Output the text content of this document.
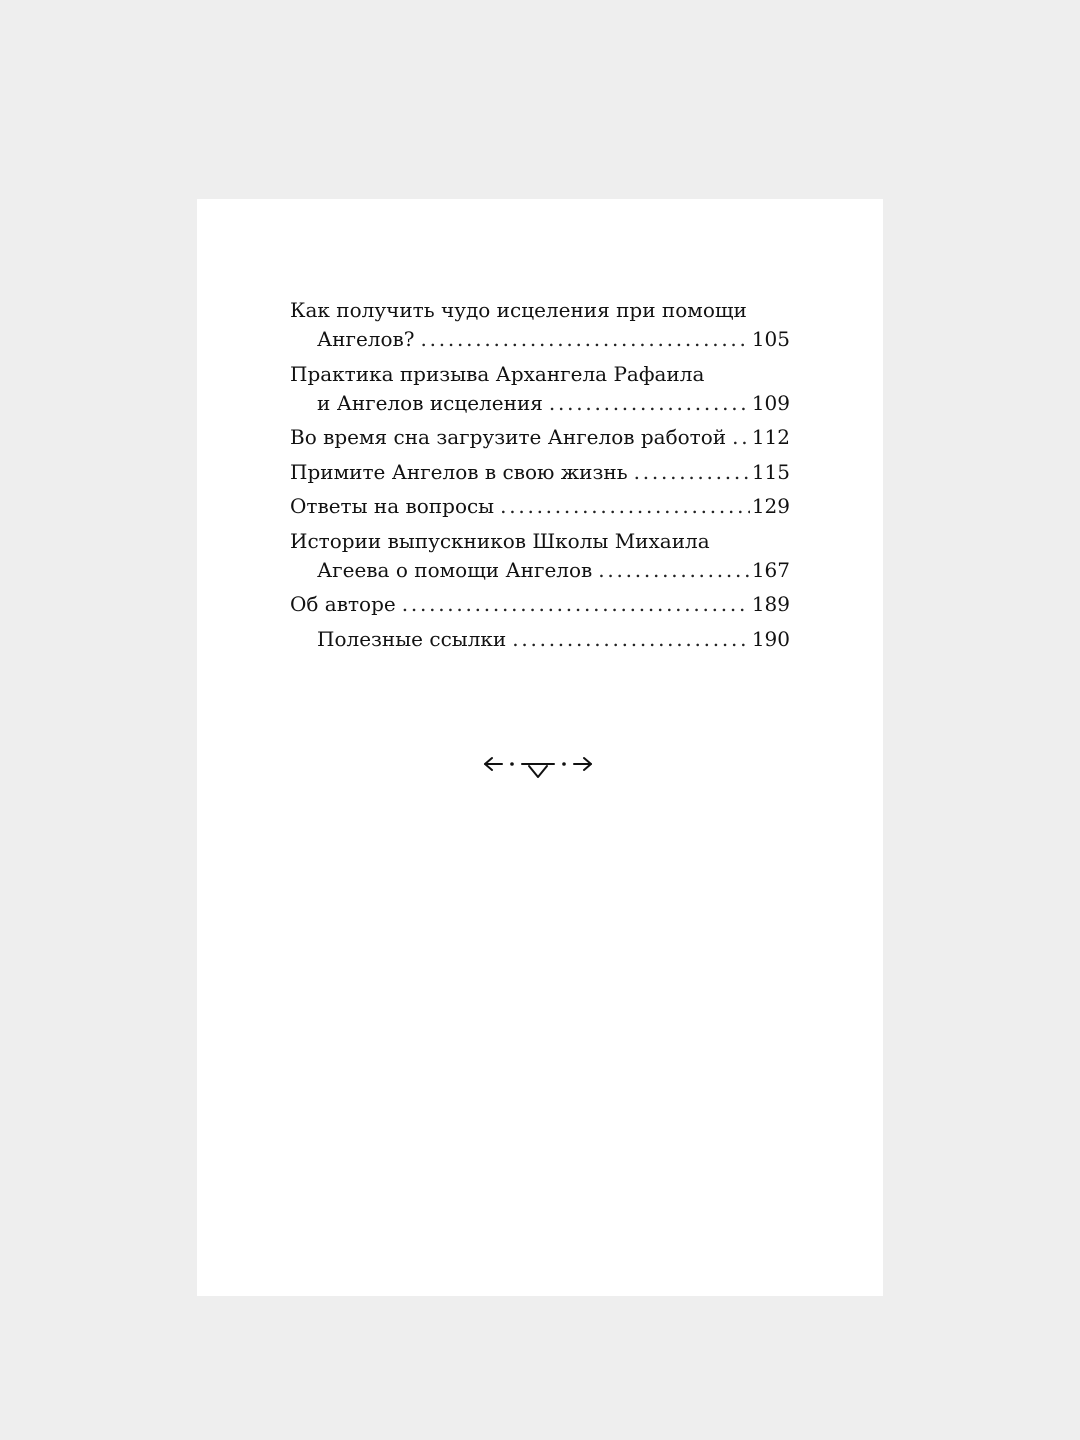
Как получить чудо исцеления при помощи
Ангелов? . . .	105
Практика призыва Архангела Рафаила
и Ангелов исцеления . . .	109
Во время сна загрузите Ангелов работой . . . 112
Примите Ангелов в свою жизнь . . .	115
Ответы на вопросы . . .	129
Истории выпускников Школы Михаила
Агеева о помощи Ангелов . . .	167
Об авторе . . .	189
Полезные ссылки . . .	190
